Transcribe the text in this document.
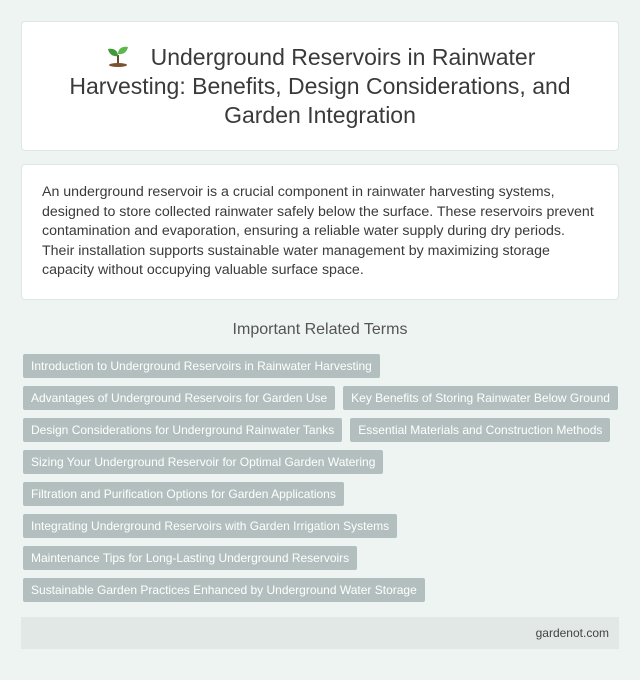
Underground Reservoirs in Rainwater Harvesting: Benefits, Design Considerations, and Garden Integration

An underground reservoir is a crucial component in rainwater harvesting systems, designed to store collected rainwater safely below the surface. These reservoirs prevent contamination and evaporation, ensuring a reliable water supply during dry periods. Their installation supports sustainable water management by maximizing storage capacity without occupying valuable surface space.

Important Related Terms
Introduction to Underground Reservoirs in Rainwater Harvesting
Advantages of Underground Reservoirs for Garden Use	Key Benefits of Storing Rainwater Below Ground
Design Considerations for Underground Rainwater Tanks	Essential Materials and Construction Methods
Sizing Your Underground Reservoir for Optimal Garden Watering
Filtration and Purification Options for Garden Applications
Integrating Underground Reservoirs with Garden Irrigation Systems
Maintenance Tips for Long-Lasting Underground Reservoirs
Sustainable Garden Practices Enhanced by Underground Water Storage
gardenot.com
